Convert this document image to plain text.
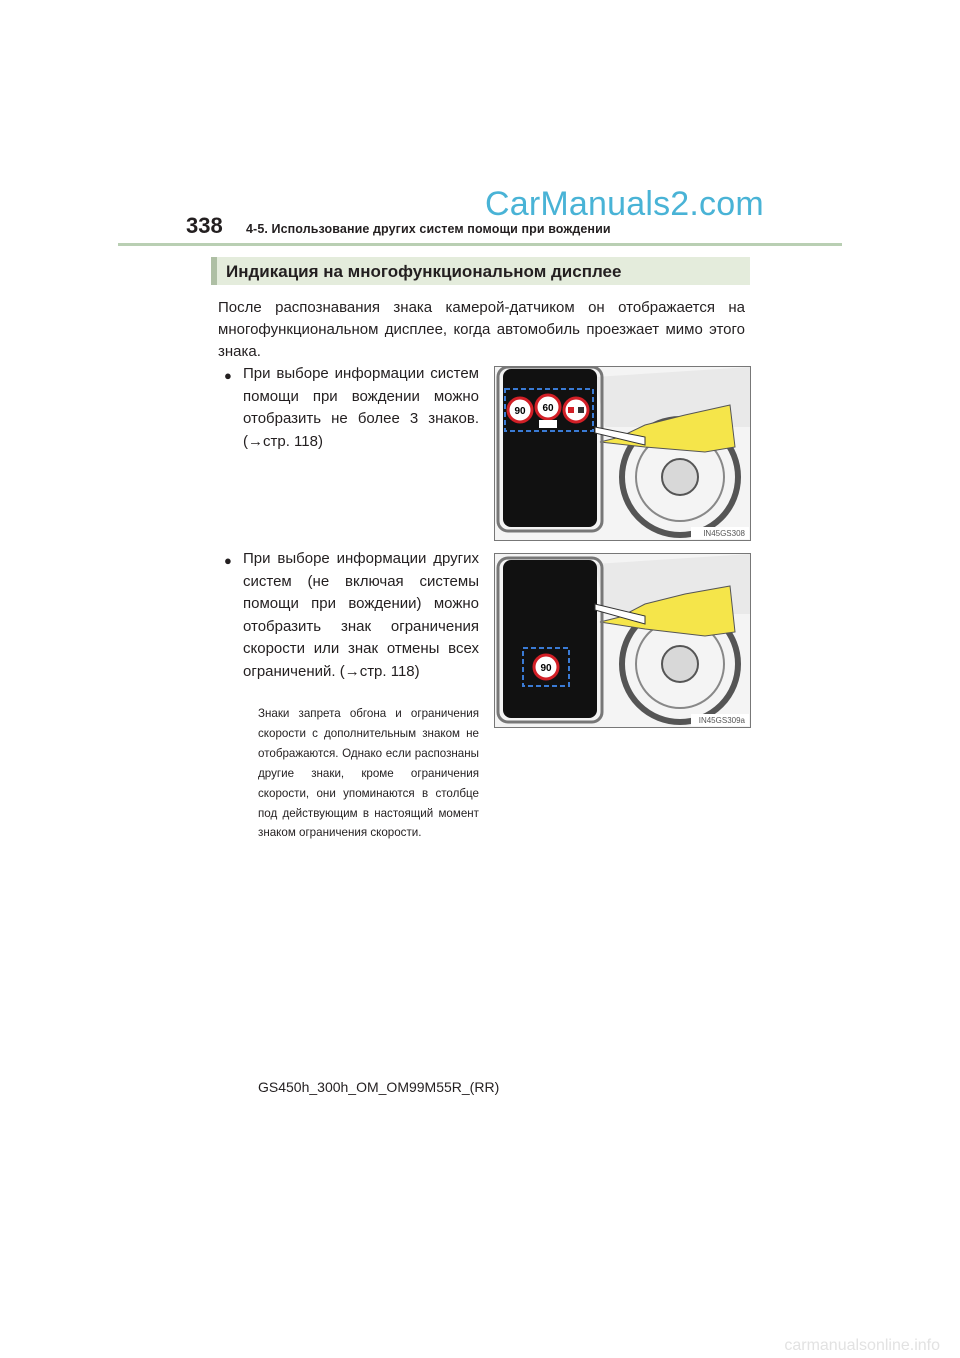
338 4-5. Использование других систем помощи при вождении
CarManuals2.com
Индикация на многофункциональном дисплее
После распознавания знака камерой-датчиком он отображается на многофункциональном дисплее, когда автомобиль проезжает мимо этого знака.
● При выборе информации систем помощи при вождении можно отобразить не более 3 знаков. (→стр. 118)
● При выборе информации других систем (не включая системы помощи при вождении) можно отобразить знак ограничения скорости или знак отмены всех ограничений. (→стр. 118)
Знаки запрета обгона и ограничения скорости с дополнительным знаком не отображаются. Однако если распознаны другие знаки, кроме ограничения скорости, они упоминаются в столбце под действующим в настоящий момент знаком ограничения скорости.
90 60
IN45GS308
90
IN45GS309a
GS450h_300h_OM_OM99M55R_(RR)
carmanualsonline.info
